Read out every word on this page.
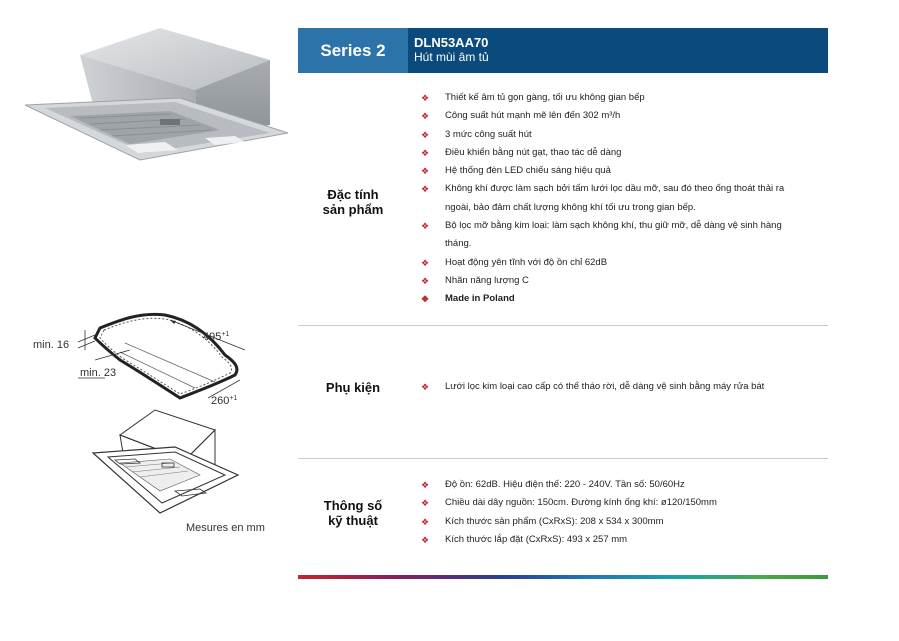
$495^{+1}$
$260^{+1}$
min. 16
min. 23
Mesures en mm
Series 2	DLN53AA70
Hút mùi âm tủ
Đặc tính
sản phẩm
❖ Thiết kế âm tủ gọn gàng, tối ưu không gian bếp
❖ Công suất hút mạnh mẽ lên đến 302 m³/h
❖ 3 mức công suất hút
❖ Điều khiển bằng nút gạt, thao tác dễ dàng
❖ Hệ thống đèn LED chiếu sáng hiệu quả
❖ Không khí được làm sạch bởi tấm lưới lọc dầu mỡ, sau đó theo ống thoát thải ra
ngoài, bảo đảm chất lượng không khí tối ưu trong gian bếp.
❖ Bộ lọc mỡ bằng kim loại: làm sạch không khí, thu giữ mỡ, dễ dàng vệ sinh hàng
tháng.
❖ Hoạt động yên tĩnh với độ ồn chỉ 62dB
❖ Nhãn năng lượng C
❖ Made in Poland
Phụ kiện	❖ Lưới lọc kim loại cao cấp có thể tháo rời, dễ dàng vệ sinh bằng máy rửa bát
Thông số
kỹ thuật
❖ Độ ồn: 62dB. Hiệu điện thế: 220 - 240V. Tần số: 50/60Hz
❖ Chiều dài dây nguồn: 150cm. Đường kính ống khí: ø120/150mm
❖ Kích thước sản phẩm (CxRxS): 208 x 534 x 300mm
❖ Kích thước lắp đặt (CxRxS): 493 x 257 mm
